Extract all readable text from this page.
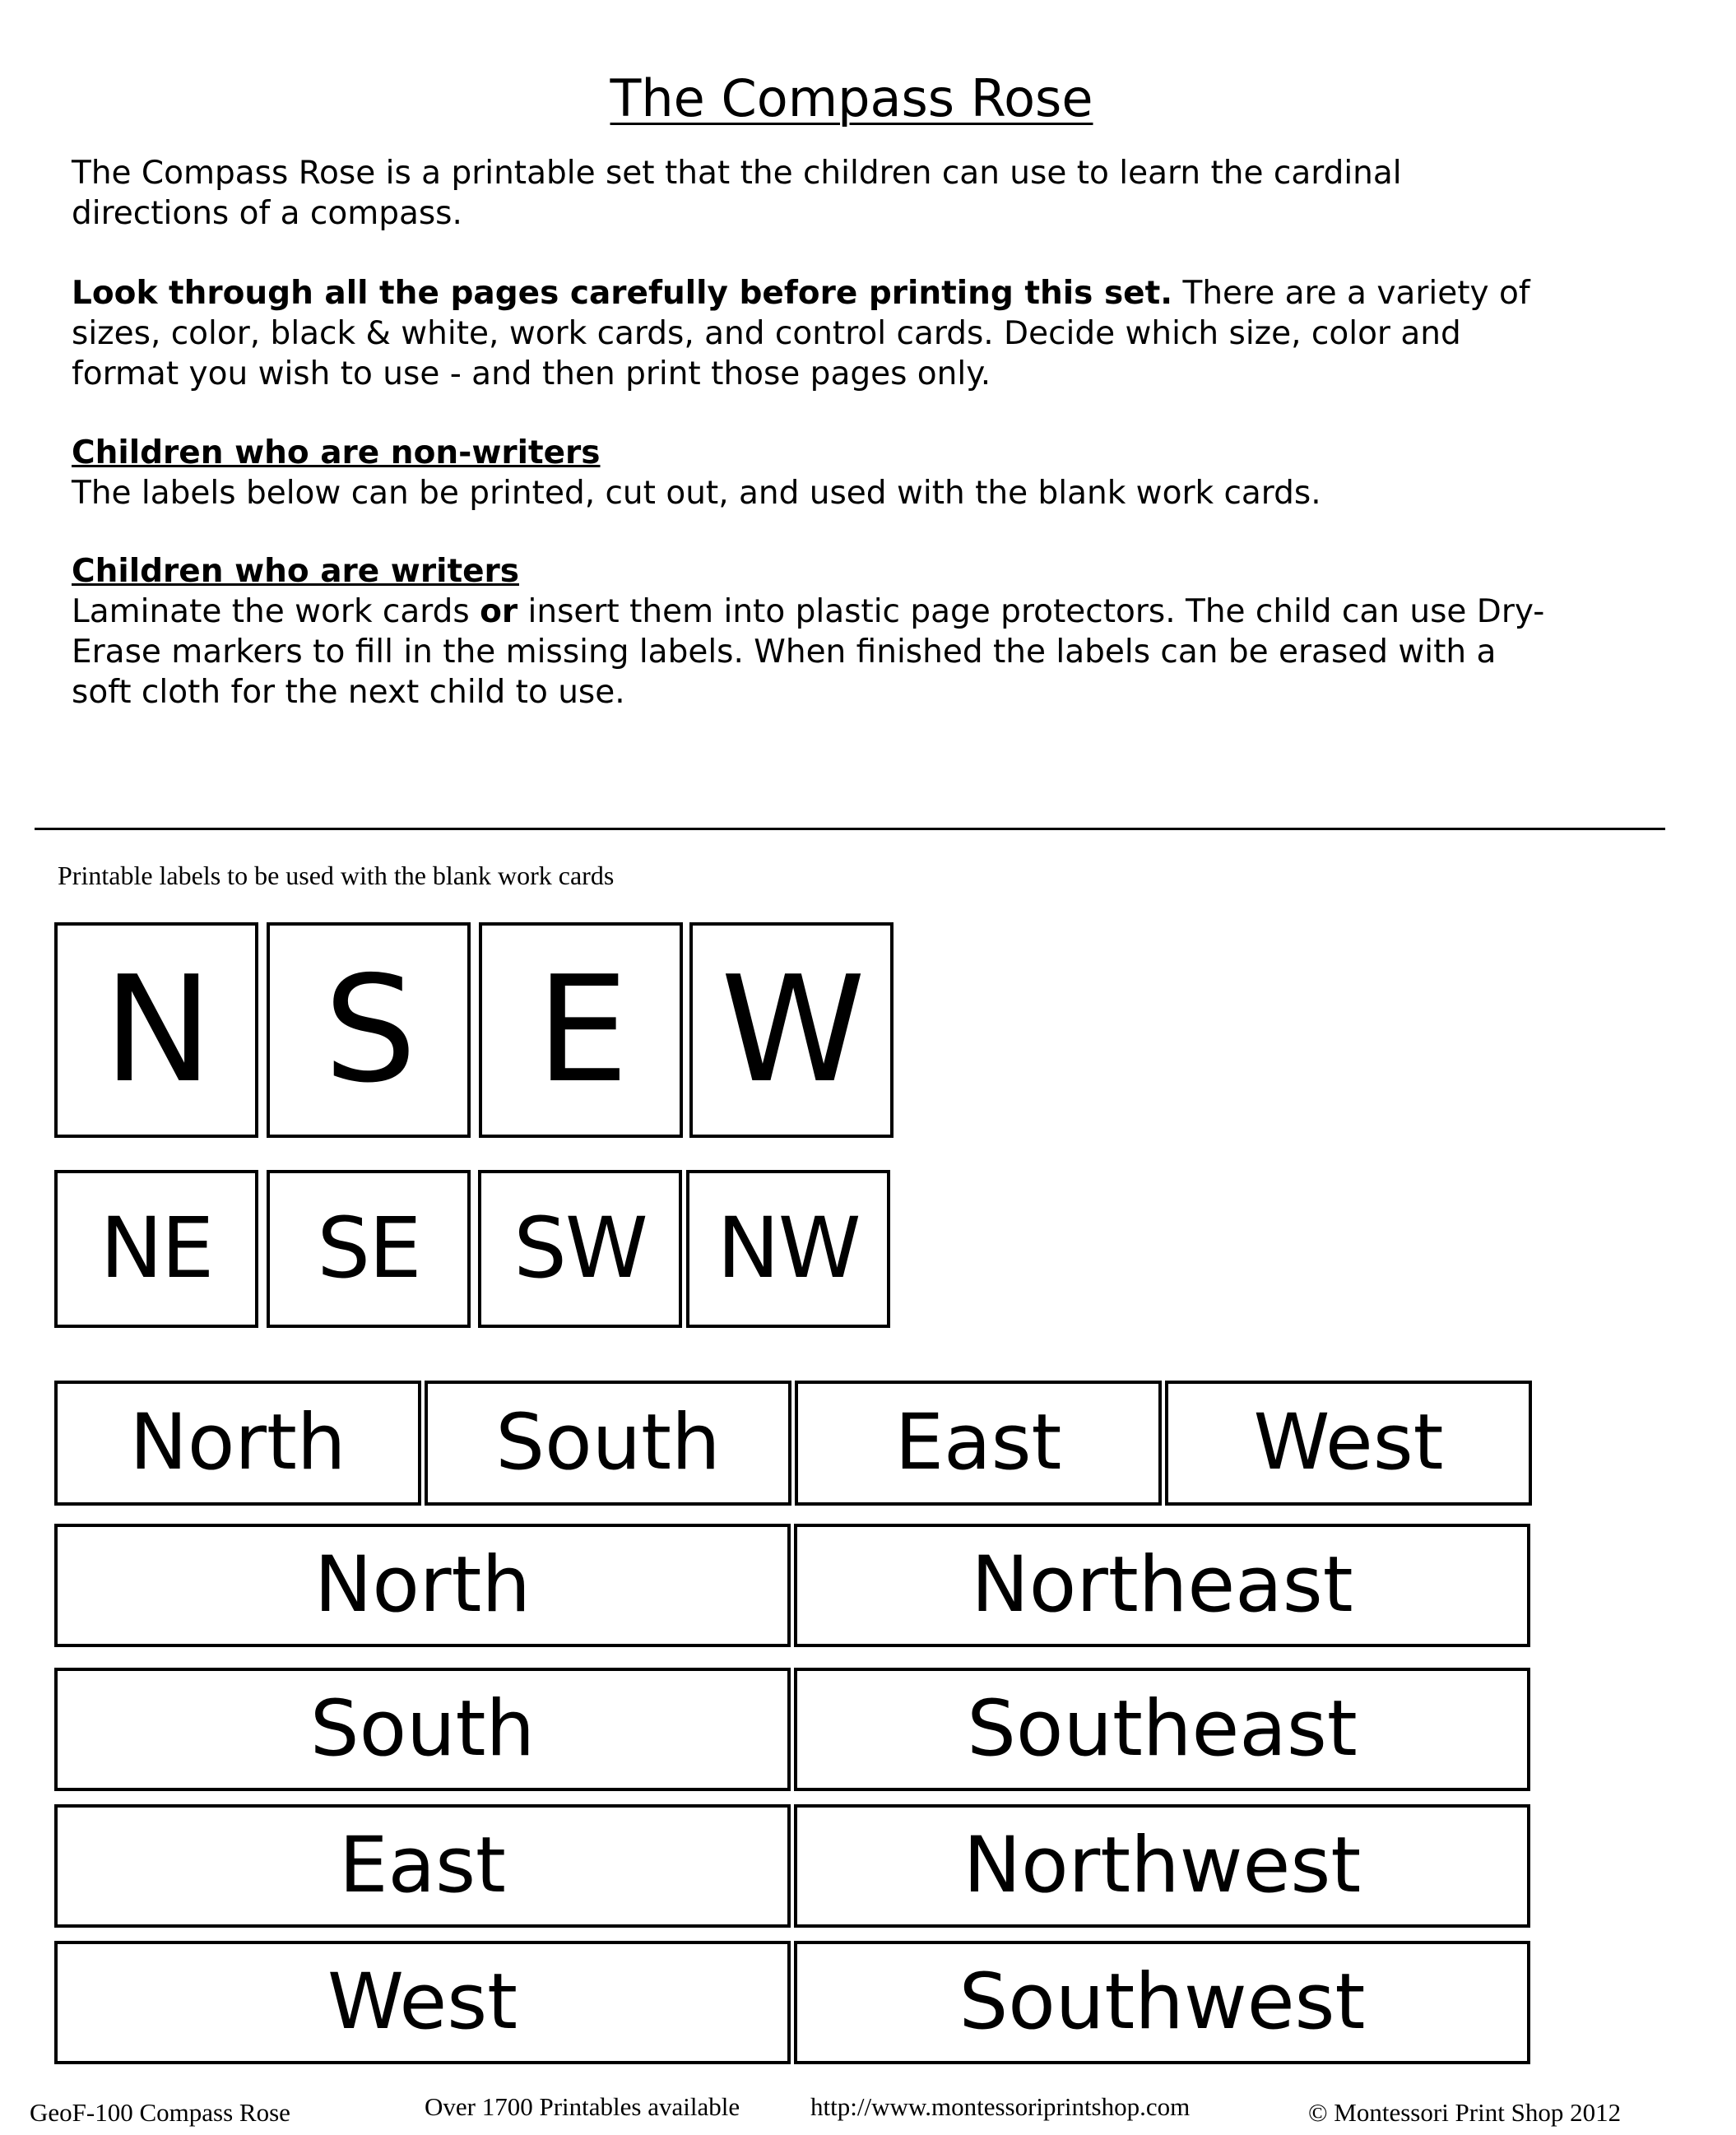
The Compass Rose

The Compass Rose is a printable set that the children can use to learn the cardinal directions of a compass.

Look through all the pages carefully before printing this set. There are a variety of sizes, color, black & white, work cards, and control cards. Decide which size, color and format you wish to use - and then print those pages only.

Children who are non-writers

The labels below can be printed, cut out, and used with the blank work cards.

Children who are writers

Laminate the work cards or insert them into plastic page protectors. The child can use Dry-Erase markers to fill in the missing labels. When finished the labels can be erased with a soft cloth for the next child to use.

Printable labels to be used with the blank work cards
N S E W
NE SE SW NW
North South East West
North	Northeast
South	Southeast
East	Northwest
West	Southwest
GeoF-100 Compass Rose	Over 1700 Printables available	http://www.montessoriprintshop.com	© Montessori Print Shop 2012
